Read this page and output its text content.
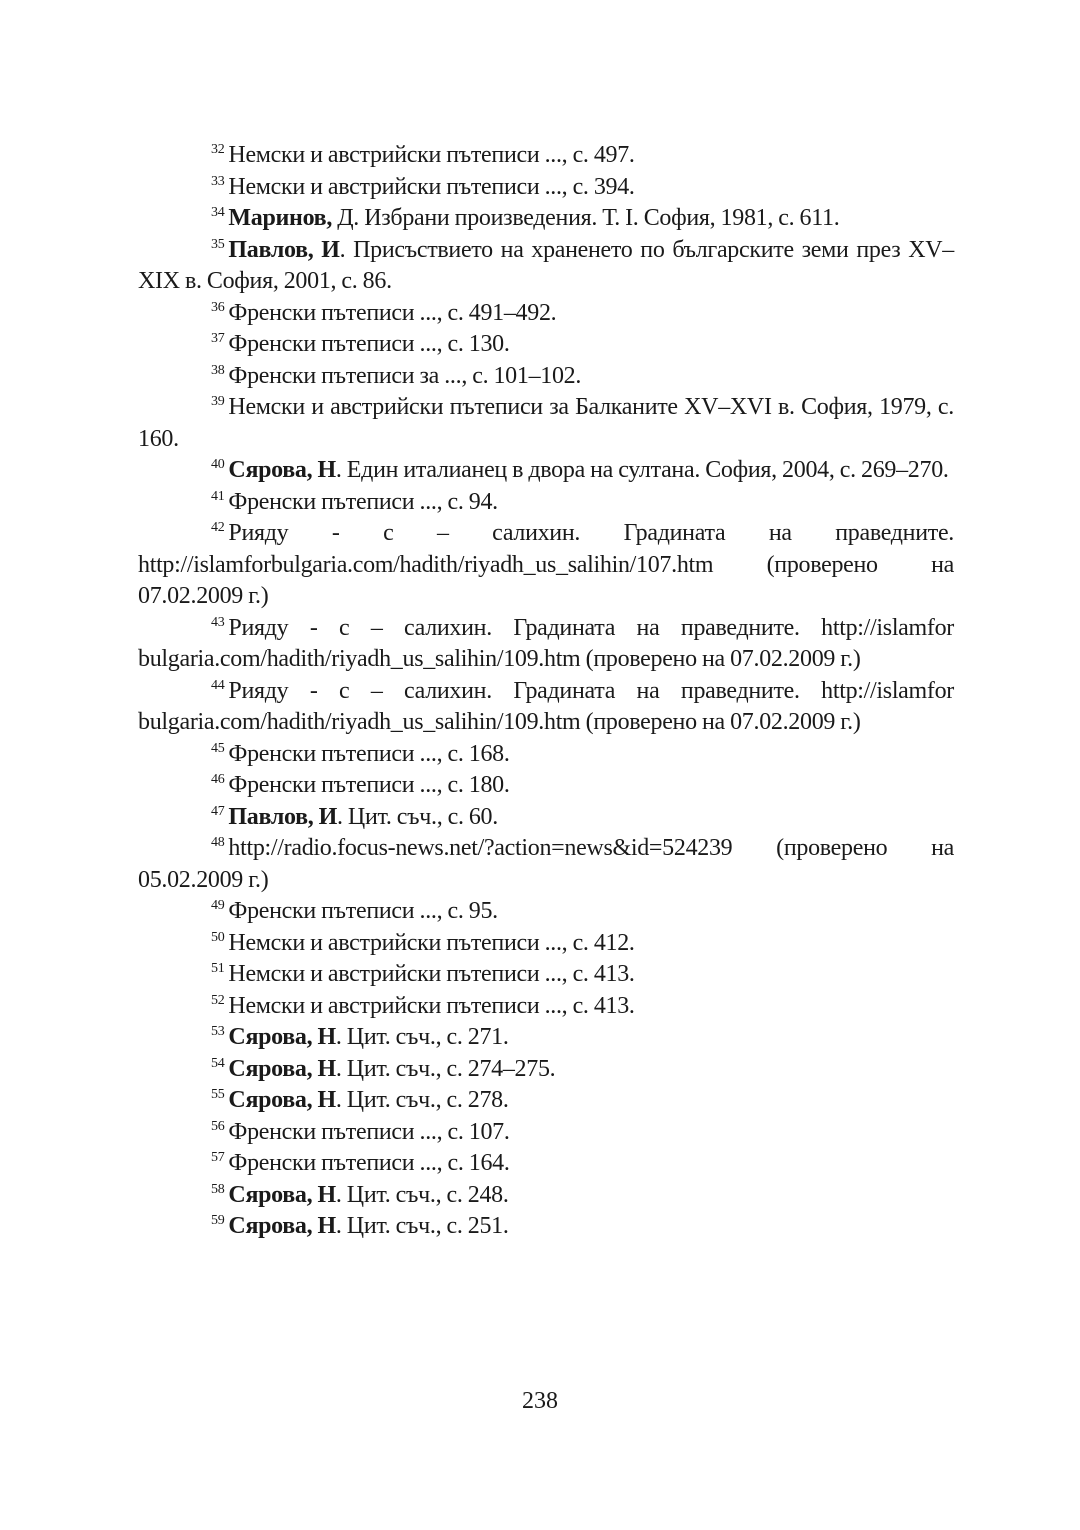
$^{32}$ Немски и австрийски пътеписи ..., с. 497.

$^{33}$ Немски и австрийски пътеписи ..., с. 394.

$^{34}$ Маринов, Д. Избрани произведения. Т. І. София, 1981, с. 611.

$^{35}$ Павлов, И. Присъствието на храненето по българските земи през XV–XIX в. София, 2001, с. 86.

$^{36}$ Френски пътеписи ..., с. 491–492.

$^{37}$ Френски пътеписи ..., с. 130.

$^{38}$ Френски пътеписи за ..., с. 101–102.

$^{39}$ Немски и австрийски пътеписи за Балканите XV–XVI в. София, 1979, с. 160.

$^{40}$ Сярова, Н. Един италианец в двора на султана. София, 2004, с. 269–270.

$^{41}$ Френски пътеписи ..., с. 94.

$^{42}$ Рияду - с – салихин. Градината на праведните. http://islamforbulgaria.com/hadith/riyadh_us_salihin/107.htm (проверено на 07.02.2009 г.)

$^{43}$ Рияду - с – салихин. Градината на праведните. http://islamfor bulgaria.com/hadith/riyadh_us_salihin/109.htm (проверено на 07.02.2009 г.)

$^{44}$ Рияду - с – салихин. Градината на праведните. http://islamfor bulgaria.com/hadith/riyadh_us_salihin/109.htm (проверено на 07.02.2009 г.)

$^{45}$ Френски пътеписи ..., с. 168.

$^{46}$ Френски пътеписи ..., с. 180.

$^{47}$ Павлов, И. Цит. съч., с. 60.

$^{48}$ http://radio.focus-news.net/?action=news&id=524239 (проверено на 05.02.2009 г.)

$^{49}$ Френски пътеписи ..., с. 95.

$^{50}$ Немски и австрийски пътеписи ..., с. 412.

$^{51}$ Немски и австрийски пътеписи ..., с. 413.

$^{52}$ Немски и австрийски пътеписи ..., с. 413.

$^{53}$ Сярова, Н. Цит. съч., с. 271.

$^{54}$ Сярова, Н. Цит. съч., с. 274–275.

$^{55}$ Сярова, Н. Цит. съч., с. 278.

$^{56}$ Френски пътеписи ..., с. 107.

$^{57}$ Френски пътеписи ..., с. 164.

$^{58}$ Сярова, Н. Цит. съч., с. 248.

$^{59}$ Сярова, Н. Цит. съч., с. 251.

238
